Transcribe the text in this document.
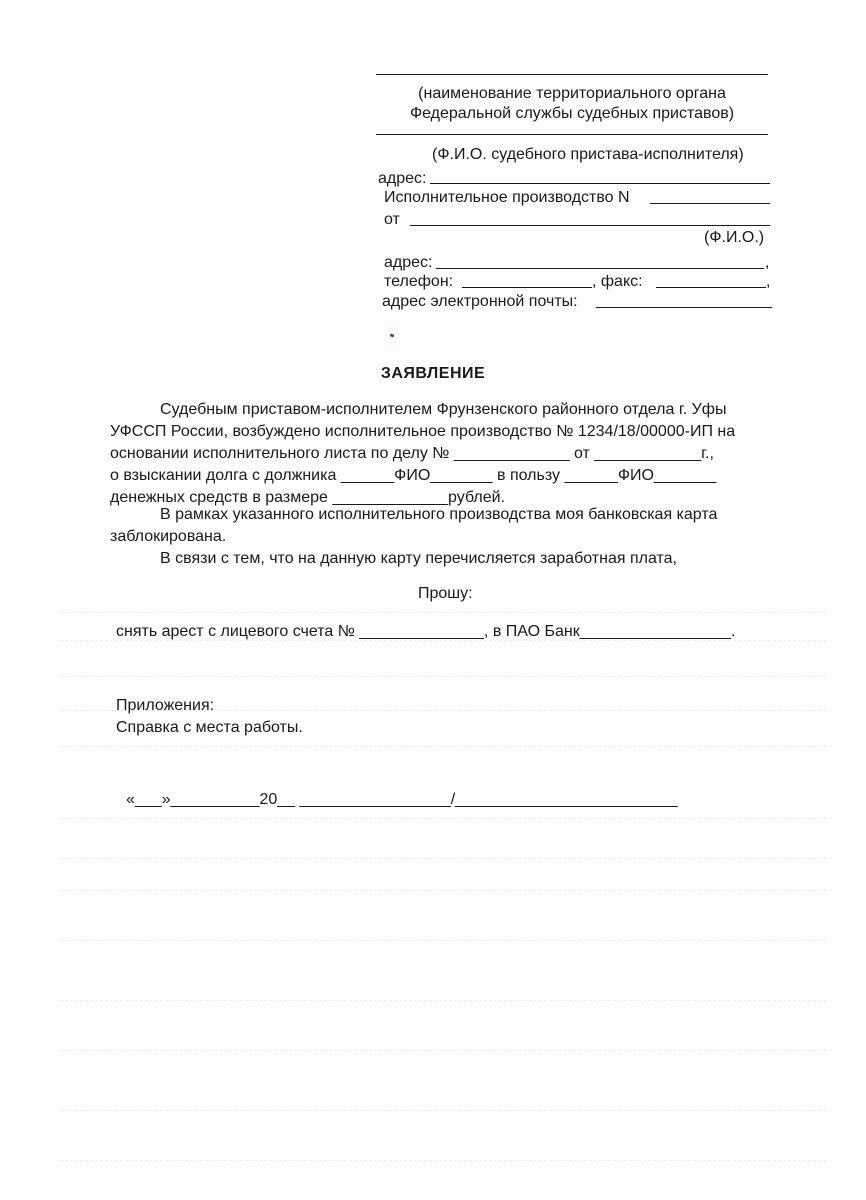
(наименование территориального органа
Федеральной службы судебных приставов)
(Ф.И.О. судебного пристава-исполнителя)
адрес:
Исполнительное производство N
от
(Ф.И.О.)
адрес:	,
телефон:	, факс:	,
адрес электронной почты:
ЗАЯВЛЕНИЕ
Судебным приставом-исполнителем Фрунзенского районного отдела г. Уфы
УФССП России, возбуждено исполнительное производство № 1234/18/00000-ИП на
основании исполнительного листа по делу № _____________ от ____________г.,
о взыскании долга с должника ______ФИО_______ в пользу ______ФИО_______
денежных средств в размере _____________рублей.
В рамках указанного исполнительного производства моя банковская карта
заблокирована.
В связи с тем, что на данную карту перечисляется заработная плата,
Прошу:
снять арест с лицевого счета № ______________, в ПАО Банк_________________.
Приложения:
Справка с места работы.
«___»__________20__ _________________/_________________________
